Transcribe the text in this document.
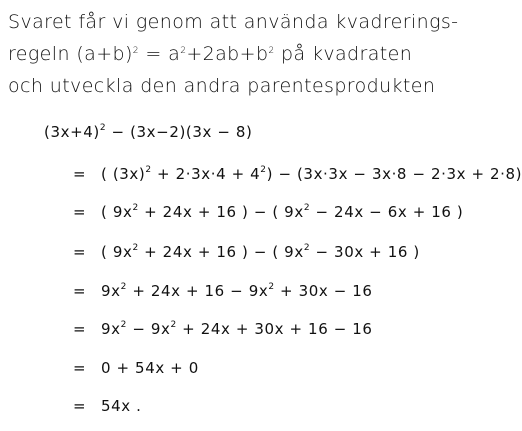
Svaret får vi genom att använda kvadrerings-
regeln $(a+b)^2 = a^2+2ab+b^2$ på kvadraten
och utveckla den andra parentesprodukten
$(3x+4)^2 - (3x-2)(3x - 8)$
= ( $(3x)^2 + 2\cdot 3x\cdot 4 + 4^2) - (3x\cdot 3x - 3x\cdot 8 - 2\cdot 3x + 2\cdot 8)$
= ( $9x^2 + 24x + 16$ ) − ( $9x^2 - 24x - 6x + 16$ )
= ( $9x^2 + 24x + 16$ ) − ( $9x^2 - 30x + 16$ )
= $9x^2 + 24x + 16 - 9x^2 + 30x - 16$
= $9x^2 - 9x^2 + 24x + 30x + 16 - 16$
= 0 + 54x + 0
= 54x .
